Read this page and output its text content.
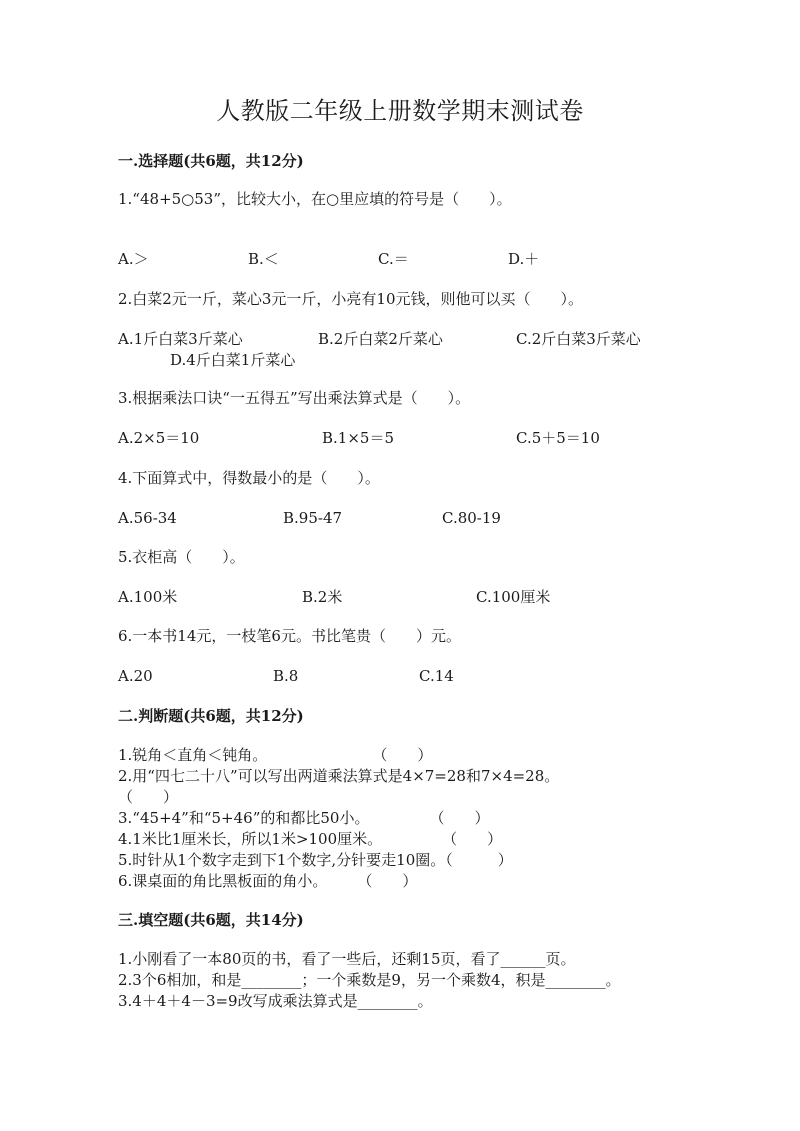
人教版二年级上册数学期末测试卷
一.选择题(共6题，共12分)
1.“48+5○53”，比较大小，在○里应填的符号是（　　）。
A.＞	B.＜	C.＝	D.＋
2.白菜2元一斤，菜心3元一斤，小亮有10元钱，则他可以买（　　）。
A.1斤白菜3斤菜心	B.2斤白菜2斤菜心	C.2斤白菜3斤菜心
D.4斤白菜1斤菜心
3.根据乘法口诀“一五得五”写出乘法算式是（　　）。
A.2×5＝10	B.1×5＝5	C.5＋5＝10
4.下面算式中，得数最小的是（　　）。
A.56-34	B.95-47	C.80-19
5.衣柜高（　　）。
A.100米	B.2米	C.100厘米
6.一本书14元，一枝笔6元。书比笔贵（　　）元。
A.20	B.8	C.14
二.判断题(共6题，共12分)
1.锐角＜直角＜钝角。　　　　　　　　（　　）
2.用“四七二十八”可以写出两道乘法算式是4×7=28和7×4=28。
（　　）
3.“45+4”和“5+46”的和都比50小。　　　　　（　　）
4.1米比1厘米长，所以1米>100厘米。　　　　　（　　）
5.时针从1个数字走到下1个数字,分针要走10圈。（　　　）
6.课桌面的角比黑板面的角小。　　　（　　）
三.填空题(共6题，共14分)
1.小刚看了一本80页的书，看了一些后，还剩15页，看了______页。
2.3个6相加，和是________；一个乘数是9，另一个乘数4，积是________。
3.4＋4＋4－3=9改写成乘法算式是________。
